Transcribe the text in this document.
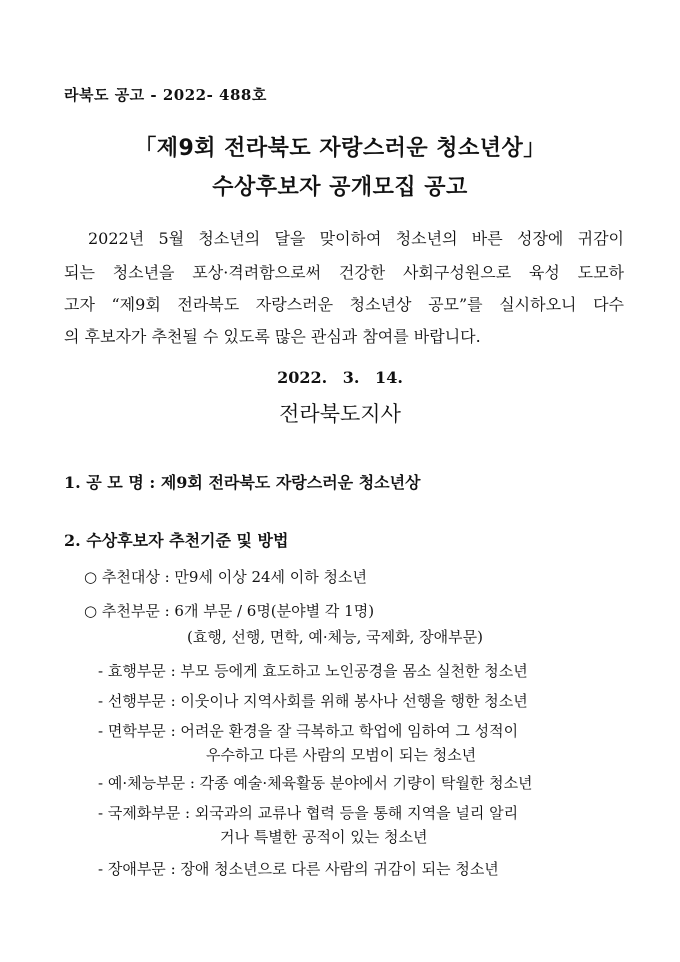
라북도 공고 - 2022- 488호
「제9회 전라북도 자랑스러운 청소년상」
수상후보자 공개모집 공고
2022년 5월 청소년의 달을 맞이하여 청소년의 바른 성장에 귀감이
되는 청소년을 포상·격려함으로써 건강한 사회구성원으로 육성 도모하
고자 “제9회 전라북도 자랑스러운 청소년상 공모”를 실시하오니 다수
의 후보자가 추천될 수 있도록 많은 관심과 참여를 바랍니다.
2022. 3. 14.
전라북도지사
1. 공 모 명 : 제9회 전라북도 자랑스러운 청소년상
2. 수상후보자 추천기준 및 방법
○ 추천대상 : 만9세 이상 24세 이하 청소년
○ 추천부문 : 6개 부문 / 6명(분야별 각 1명)
(효행, 선행, 면학, 예·체능, 국제화, 장애부문)
- 효행부문 : 부모 등에게 효도하고 노인공경을 몸소 실천한 청소년
- 선행부문 : 이웃이나 지역사회를 위해 봉사나 선행을 행한 청소년
- 면학부문 : 어려운 환경을 잘 극복하고 학업에 임하여 그 성적이
우수하고 다른 사람의 모범이 되는 청소년
- 예·체능부문 : 각종 예술·체육활동 분야에서 기량이 탁월한 청소년
- 국제화부문 : 외국과의 교류나 협력 등을 통해 지역을 널리 알리
거나 특별한 공적이 있는 청소년
- 장애부문 : 장애 청소년으로 다른 사람의 귀감이 되는 청소년
